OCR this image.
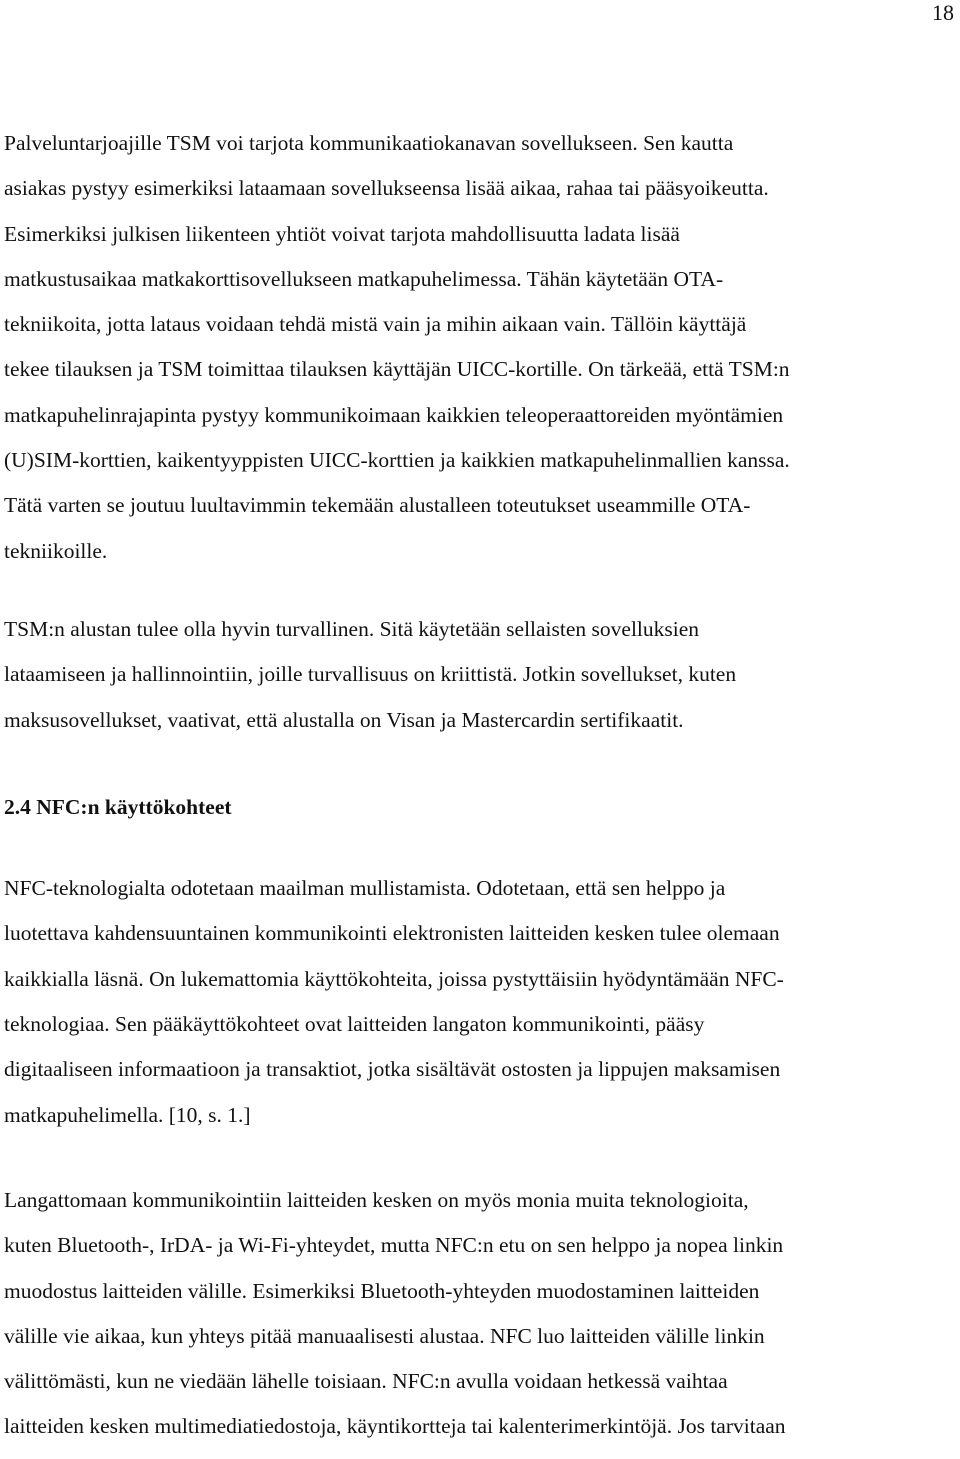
18
Palveluntarjoajille TSM voi tarjota kommunikaatiokanavan sovellukseen. Sen kautta
asiakas pystyy esimerkiksi lataamaan sovellukseensa lisää aikaa, rahaa tai pääsyoikeutta.
Esimerkiksi julkisen liikenteen yhtiöt voivat tarjota mahdollisuutta ladata lisää
matkustusaikaa matkakorttisovellukseen matkapuhelimessa. Tähän käytetään OTA-
tekniikoita, jotta lataus voidaan tehdä mistä vain ja mihin aikaan vain. Tällöin käyttäjä
tekee tilauksen ja TSM toimittaa tilauksen käyttäjän UICC-kortille. On tärkeää, että TSM:n
matkapuhelinrajapinta pystyy kommunikoimaan kaikkien teleoperaattoreiden myöntämien
(U)SIM-korttien, kaikentyyppisten UICC-korttien ja kaikkien matkapuhelinmallien kanssa.
Tätä varten se joutuu luultavimmin tekemään alustalleen toteutukset useammille OTA-
tekniikoille.
TSM:n alustan tulee olla hyvin turvallinen. Sitä käytetään sellaisten sovelluksien
lataamiseen ja hallinnointiin, joille turvallisuus on kriittistä. Jotkin sovellukset, kuten
maksusovellukset, vaativat, että alustalla on Visan ja Mastercardin sertifikaatit.
2.4 NFC:n käyttökohteet
NFC-teknologialta odotetaan maailman mullistamista. Odotetaan, että sen helppo ja
luotettava kahdensuuntainen kommunikointi elektronisten laitteiden kesken tulee olemaan
kaikkialla läsnä. On lukemattomia käyttökohteita, joissa pystyttäisiin hyödyntämään NFC-
teknologiaa. Sen pääkäyttökohteet ovat laitteiden langaton kommunikointi, pääsy
digitaaliseen informaatioon ja transaktiot, jotka sisältävät ostosten ja lippujen maksamisen
matkapuhelimella. [10, s. 1.]
Langattomaan kommunikointiin laitteiden kesken on myös monia muita teknologioita,
kuten Bluetooth-, IrDA- ja Wi-Fi-yhteydet, mutta NFC:n etu on sen helppo ja nopea linkin
muodostus laitteiden välille. Esimerkiksi Bluetooth-yhteyden muodostaminen laitteiden
välille vie aikaa, kun yhteys pitää manuaalisesti alustaa. NFC luo laitteiden välille linkin
välittömästi, kun ne viedään lähelle toisiaan. NFC:n avulla voidaan hetkessä vaihtaa
laitteiden kesken multimediatiedostoja, käyntikortteja tai kalenterimerkintöjä. Jos tarvitaan
